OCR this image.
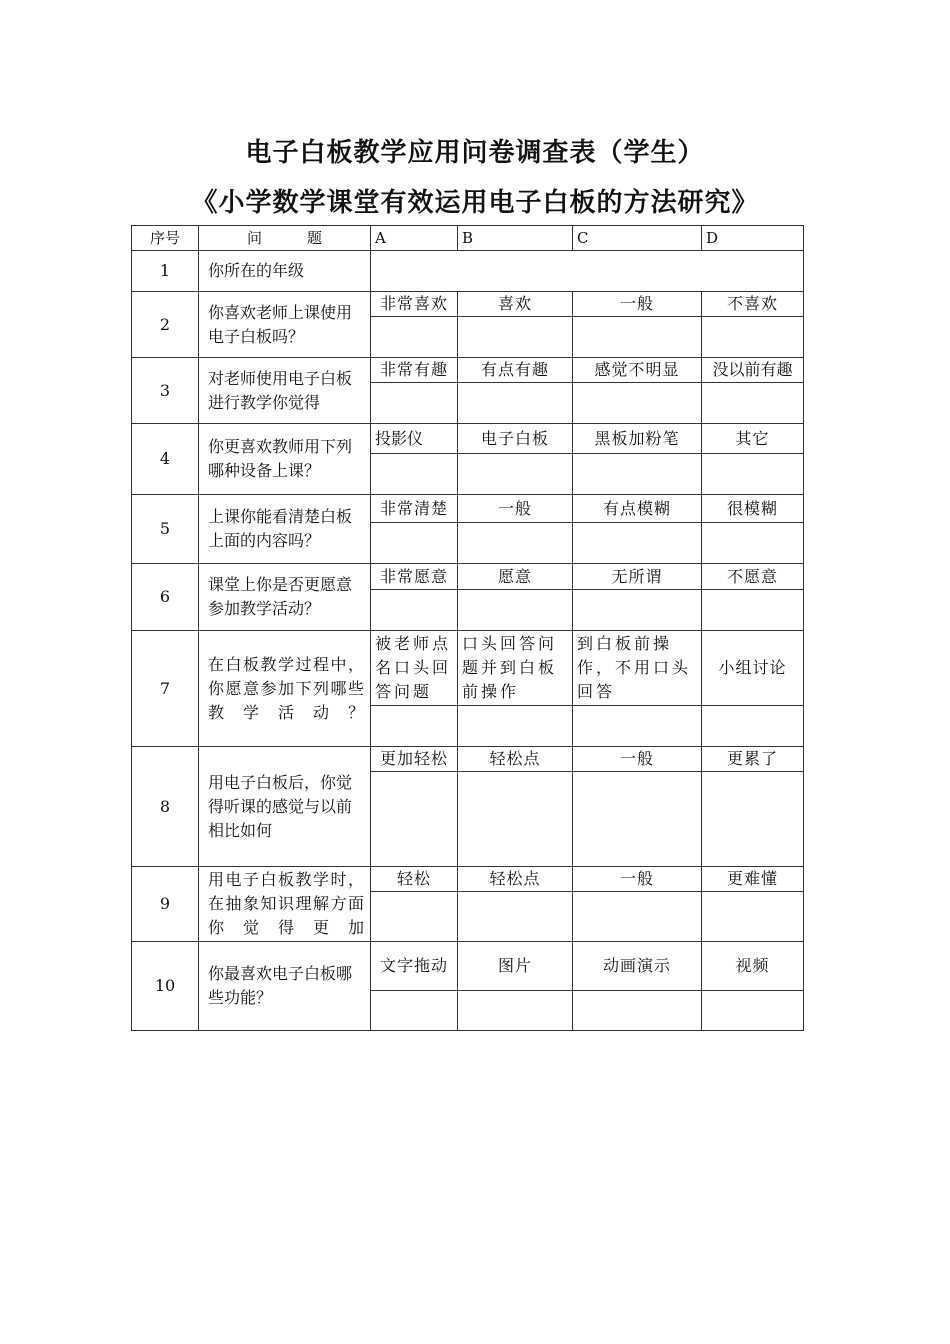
电子白板教学应用问卷调查表（学生）
《小学数学课堂有效运用电子白板的方法研究》
序号	问　　　题	A	B	C	D
1	你所在的年级				
2	你喜欢老师上课使用电子白板吗？	非常喜欢	喜欢	一般	不喜欢

3	对老师使用电子白板进行教学你觉得	非常有趣	有点有趣	感觉不明显	没以前有趣

4	你更喜欢教师用下列哪种设备上课？	投影仪	电子白板	黑板加粉笔	其它

5	上课你能看清楚白板上面的内容吗？	非常清楚	一般	有点模糊	很模糊

6	课堂上你是否更愿意参加教学活动？	非常愿意	愿意	无所谓	不愿意

7	在白板教学过程中，你愿意参加下列哪些教学活动？	被老师点名口头回答问题	口头回答问题并到白板前操作	到白板前操作，不用口头回答	小组讨论

8	用电子白板后，你觉得听课的感觉与以前相比如何	更加轻松	轻松点	一般	更累了

9	用电子白板教学时，在抽象知识理解方面你觉得更加	轻松	轻松点	一般	更难懂

10	你最喜欢电子白板哪些功能？	文字拖动	图片	动画演示	视频
